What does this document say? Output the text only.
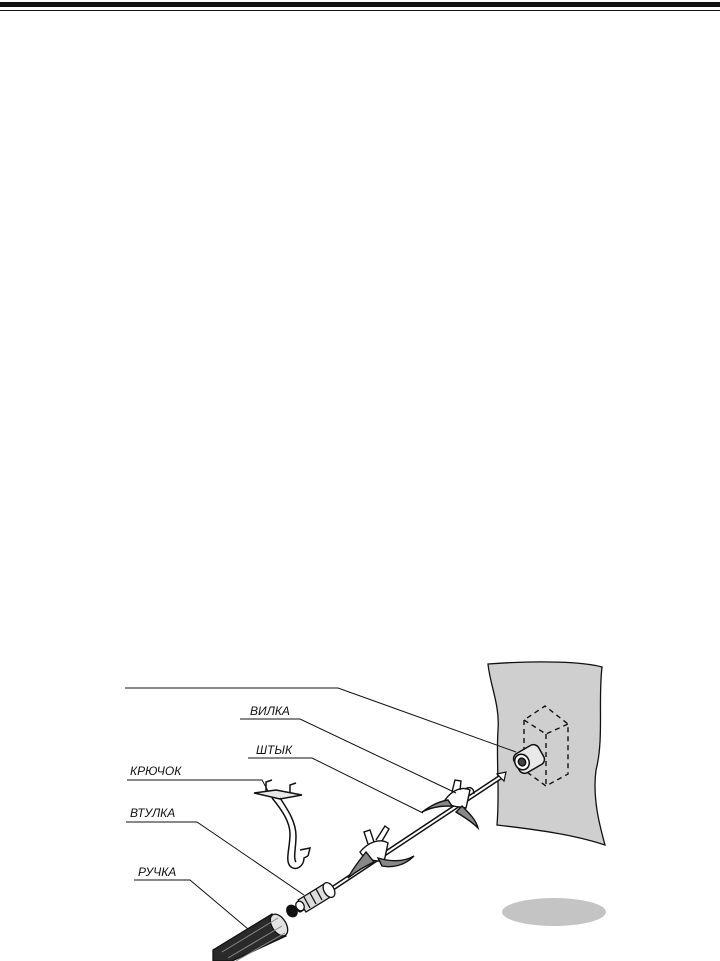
ВИЛКА
ШТЫК
КРЮЧОК
ВТУЛКА
РУЧКА
